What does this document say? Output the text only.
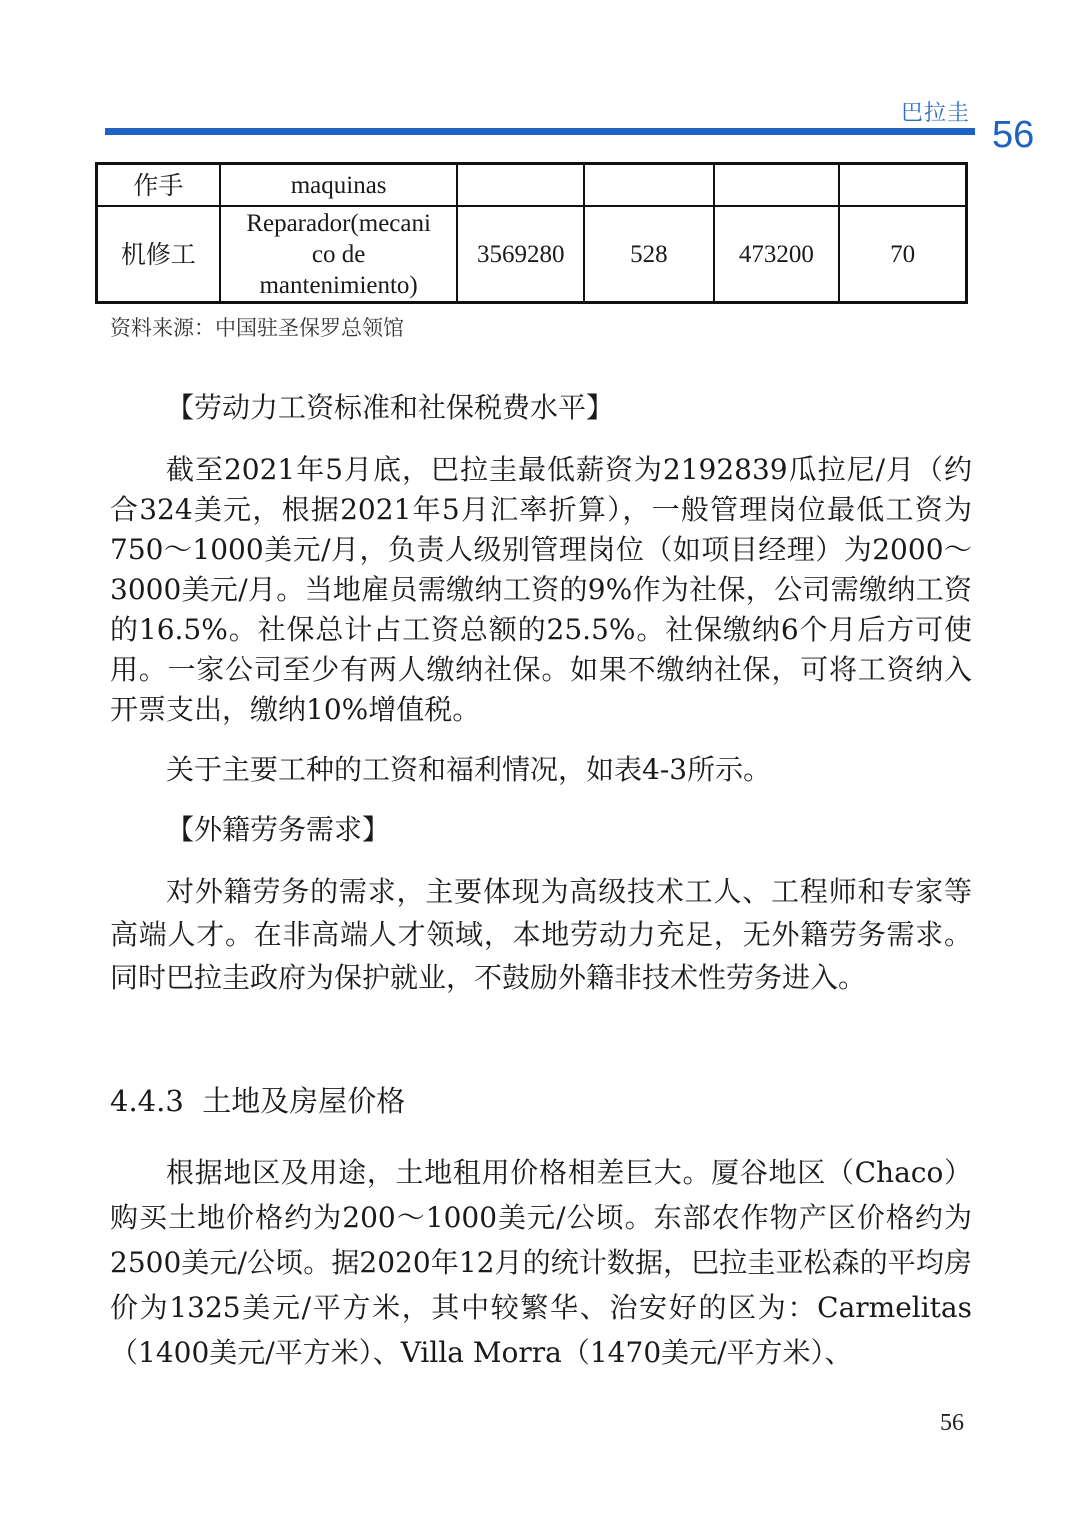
巴拉圭
56
作手	maquinas				
机修工	Reparador(mecani
co de
mantenimiento)	3569280	528	473200	70
资料来源：中国驻圣保罗总领馆
【劳动力工资标准和社保税费水平】

截至2021年5月底，巴拉圭最低薪资为2192839瓜拉尼/月（约合324美元，根据2021年5月汇率折算），一般管理岗位最低工资为750～1000美元/月，负责人级别管理岗位（如项目经理）为2000～3000美元/月。当地雇员需缴纳工资的9%作为社保，公司需缴纳工资的16.5%。社保总计占工资总额的25.5%。社保缴纳6个月后方可使用。一家公司至少有两人缴纳社保。如果不缴纳社保，可将工资纳入开票支出，缴纳10%增值税。

关于主要工种的工资和福利情况，如表4-3所示。

【外籍劳务需求】

对外籍劳务的需求，主要体现为高级技术工人、工程师和专家等高端人才。在非高端人才领域，本地劳动力充足，无外籍劳务需求。同时巴拉圭政府为保护就业，不鼓励外籍非技术性劳务进入。

4.4.3  土地及房屋价格

根据地区及用途，土地租用价格相差巨大。厦谷地区（Chaco）购买土地价格约为200～1000美元/公顷。东部农作物产区价格约为2500美元/公顷。据2020年12月的统计数据，巴拉圭亚松森的平均房价为1325美元/平方米，其中较繁华、治安好的区为：Carmelitas（1400美元/平方米）、Villa Morra（1470美元/平方米）、

56
